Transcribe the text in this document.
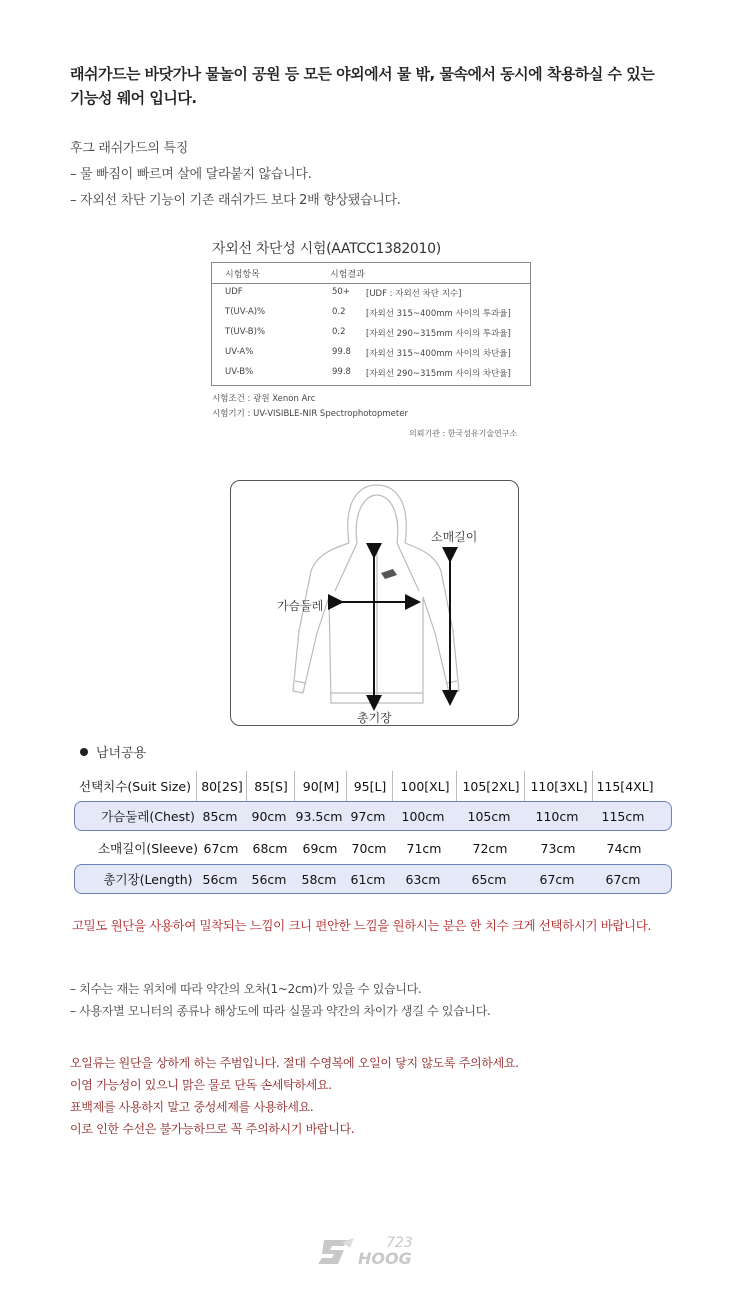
래쉬가드는 바닷가나 물놀이 공원 등 모든 야외에서 물 밖, 물속에서 동시에 착용하실 수 있는
기능성 웨어 입니다.
후그 래쉬가드의 특징
– 물 빠짐이 빠르며 살에 달라붙지 않습니다.
– 자외선 차단 기능이 기존 래쉬가드 보다 2배 향상됐습니다.
자외선 차단성 시험(AATCC1382010)
시험항목	시험결과
UDF	50+ [UDF : 자외선 차단 지수]
T(UV-A)%	0.2 [자외선 315~400mm 사이의 투과율]
T(UV-B)%	0.2 [자외선 290~315mm 사이의 투과율]
UV-A%	99.8 [자외선 315~400mm 사이의 차단율]
UV-B%	99.8 [자외선 290~315mm 사이의 차단율]
시험조건 : 광원 Xenon Arc
시험기기 : UV-VISIBLE-NIR Spectrophotopmeter
의뢰기관 : 한국섬유기술연구소
소매길이
가슴둘레
총기장
남녀공용
선택치수(Suit Size) 80[2S] 85[S]	90[M]	95[L]	100[XL]	105[2XL] 110[3XL] 115[4XL]
가슴둘레(Chest) 85cm	90cm 93.5cm 97cm	100cm	105cm	110cm	115cm
소매길이(Sleeve) 67cm	68cm	69cm	70cm	71cm	72cm	73cm	74cm
총기장(Length) 56cm	56cm	58cm	61cm	63cm	65cm	67cm	67cm
고밀도 원단을 사용하여 밀착되는 느낌이 크니 편안한 느낌을 원하시는 분은 한 치수 크게 선택하시기 바랍니다.
– 치수는 재는 위치에 따라 약간의 오차(1~2cm)가 있을 수 있습니다.
– 사용자별 모니터의 종류나 해상도에 따라 실물과 약간의 차이가 생길 수 있습니다.
오일류는 원단을 상하게 하는 주범입니다. 절대 수영복에 오일이 닿지 않도록 주의하세요.
이염 가능성이 있으니 맑은 물로 단독 손세탁하세요.
표백제를 사용하지 말고 중성세제를 사용하세요.
이로 인한 수선은 불가능하므로 꼭 주의하시기 바랍니다.
HOOG
723
